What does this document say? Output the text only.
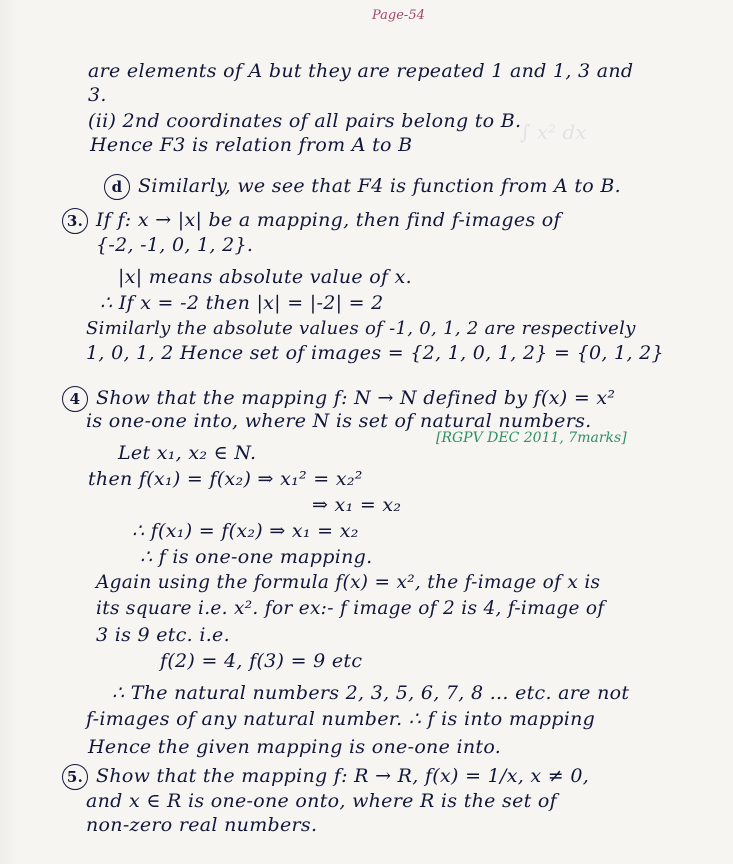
∫ x² dx
Page-54
are elements of A but they are repeated 1 and 1, 3 and
3.
(ii) 2nd coordinates of all pairs belong to B.
Hence F3 is relation from A to B
d Similarly, we see that F4 is function from A to B.
3. If f: x → |x| be a mapping, then find f-images of
{-2, -1, 0, 1, 2}.
|x| means absolute value of x.
∴ If x = -2 then |x| = |-2| = 2
Similarly the absolute values of -1, 0, 1, 2 are respectively
1, 0, 1, 2 Hence set of images = {2, 1, 0, 1, 2} = {0, 1, 2}
4 Show that the mapping f: N → N defined by f(x) = x²
is one-one into, where N is set of natural numbers.
[RGPV DEC 2011, 7marks]
Let x₁, x₂ ∈ N.
then f(x₁) = f(x₂) ⇒ x₁² = x₂²
⇒ x₁ = x₂
∴ f(x₁) = f(x₂) ⇒ x₁ = x₂
∴ f is one-one mapping.
Again using the formula f(x) = x², the f-image of x is
its square i.e. x². for ex:- f image of 2 is 4, f-image of
3 is 9 etc. i.e.
f(2) = 4, f(3) = 9 etc
∴ The natural numbers 2, 3, 5, 6, 7, 8 ... etc. are not
f-images of any natural number. ∴ f is into mapping
Hence the given mapping is one-one into.
5. Show that the mapping f: R → R, f(x) = 1/x, x ≠ 0,
and x ∈ R is one-one onto, where R is the set of
non-zero real numbers.
